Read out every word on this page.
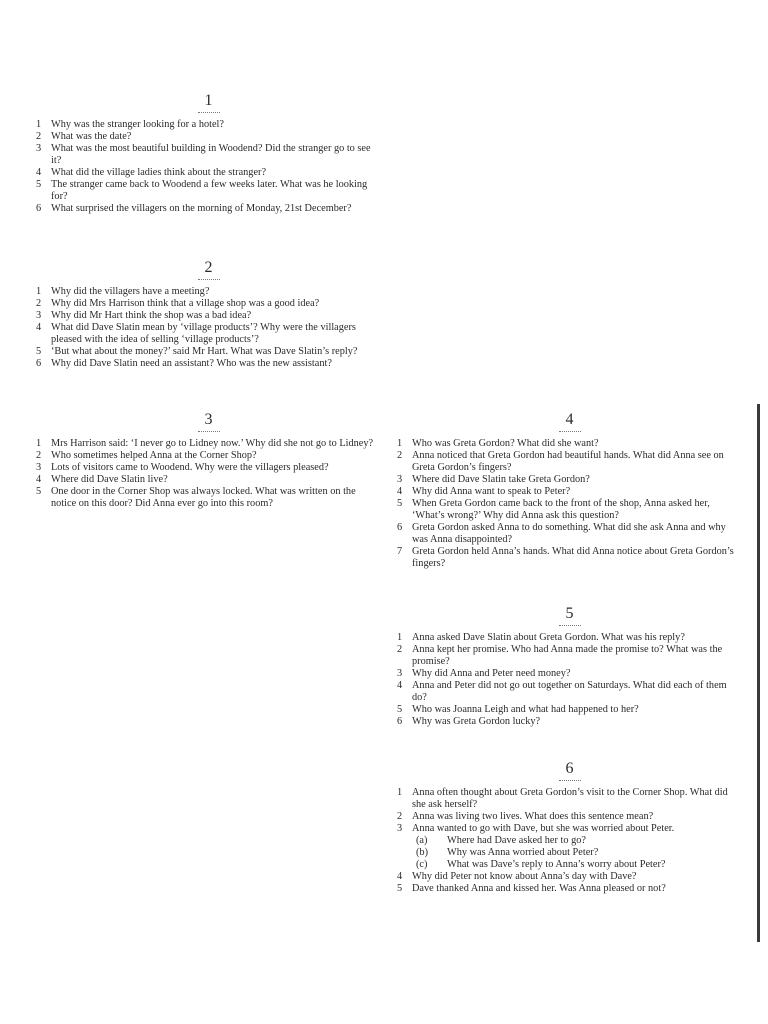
1
1 Why was the stranger looking for a hotel?
2 What was the date?
3 What was the most beautiful building in Woodend? Did the stranger go to see it?
4 What did the village ladies think about the stranger?
5 The stranger came back to Woodend a few weeks later. What was he looking for?
6 What surprised the villagers on the morning of Monday, 21st December?
2
1 Why did the villagers have a meeting?
2 Why did Mrs Harrison think that a village shop was a good idea?
3 Why did Mr Hart think the shop was a bad idea?
4 What did Dave Slatin mean by ‘village products’? Why were the villagers pleased with the idea of selling ‘village products’?
5 ‘But what about the money?’ said Mr Hart. What was Dave Slatin’s reply?
6 Why did Dave Slatin need an assistant? Who was the new assistant?
3
1 Mrs Harrison said: ‘I never go to Lidney now.’ Why did she not go to Lidney?
2 Who sometimes helped Anna at the Corner Shop?
3 Lots of visitors came to Woodend. Why were the villagers pleased?
4 Where did Dave Slatin live?
5 One door in the Corner Shop was always locked. What was written on the notice on this door? Did Anna ever go into this room?
4
1 Who was Greta Gordon? What did she want?
2 Anna noticed that Greta Gordon had beautiful hands. What did Anna see on Greta Gordon’s fingers?
3 Where did Dave Slatin take Greta Gordon?
4 Why did Anna want to speak to Peter?
5 When Greta Gordon came back to the front of the shop, Anna asked her, ‘What’s wrong?’ Why did Anna ask this question?
6 Greta Gordon asked Anna to do something. What did she ask Anna and why was Anna disappointed?
7 Greta Gordon held Anna’s hands. What did Anna notice about Greta Gordon’s fingers?
5
1 Anna asked Dave Slatin about Greta Gordon. What was his reply?
2 Anna kept her promise. Who had Anna made the promise to? What was the promise?
3 Why did Anna and Peter need money?
4 Anna and Peter did not go out together on Saturdays. What did each of them do?
5 Who was Joanna Leigh and what had happened to her?
6 Why was Greta Gordon lucky?
6
1 Anna often thought about Greta Gordon’s visit to the Corner Shop. What did she ask herself?
2 Anna was living two lives. What does this sentence mean?
3 Anna wanted to go with Dave, but she was worried about Peter.
(a) Where had Dave asked her to go?
(b) Why was Anna worried about Peter?
(c) What was Dave’s reply to Anna’s worry about Peter?
4 Why did Peter not know about Anna’s day with Dave?
5 Dave thanked Anna and kissed her. Was Anna pleased or not?
